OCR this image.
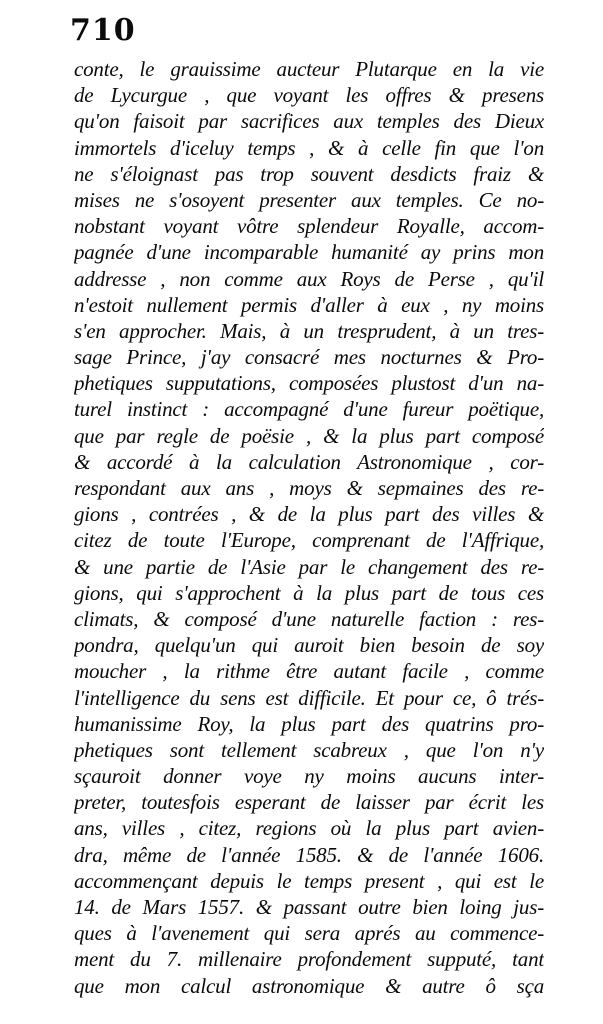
710
conte, le grauissime aucteur Plutarque en la vie
de Lycurgue , que voyant les offres & presens
qu'on faisoit par sacrifices aux temples des Dieux
immortels d'iceluy temps , & à celle fin que l'on
ne s'éloignast pas trop souvent desdicts fraiz &
mises ne s'osoyent presenter aux temples. Ce no-
nobstant voyant vôtre splendeur Royalle, accom-
pagnée d'une incomparable humanité ay prins mon
addresse , non comme aux Roys de Perse , qu'il
n'estoit nullement permis d'aller à eux , ny moins
s'en approcher. Mais, à un tresprudent, à un tres-
sage Prince, j'ay consacré mes nocturnes & Pro-
phetiques supputations, composées plustost d'un na-
turel instinct : accompagné d'une fureur poëtique,
que par regle de poësie , & la plus part composé
& accordé à la calculation Astronomique , cor-
respondant aux ans , moys & sepmaines des re-
gions , contrées , & de la plus part des villes &
citez de toute l'Europe, comprenant de l'Affrique,
& une partie de l'Asie par le changement des re-
gions, qui s'approchent à la plus part de tous ces
climats, & composé d'une naturelle faction : res-
pondra, quelqu'un qui auroit bien besoin de soy
moucher , la rithme être autant facile , comme
l'intelligence du sens est difficile. Et pour ce, ô trés-
humanissime Roy, la plus part des quatrins pro-
phetiques sont tellement scabreux , que l'on n'y
sçauroit donner voye ny moins aucuns inter-
preter, toutesfois esperant de laisser par écrit les
ans, villes , citez, regions où la plus part avien-
dra, même de l'année 1585. & de l'année 1606.
accommençant depuis le temps present , qui est le
14. de Mars 1557. & passant outre bien loing jus-
ques à l'avenement qui sera aprés au commence-
ment du 7. millenaire profondement supputé, tant
que mon calcul astronomique & autre ô sça
